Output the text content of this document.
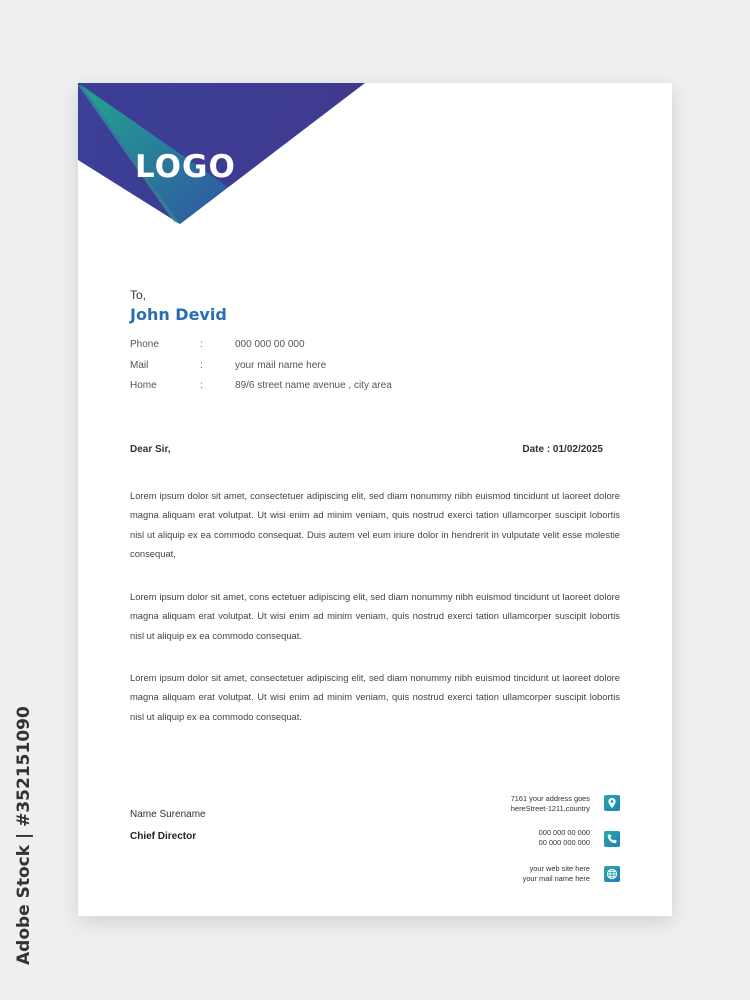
LOGO
To,
John Devid
Phone	:	000 000 00 000
Mail	:	your mail name here
Home	:	89/6 street name avenue , city area
Dear Sir,	Date : 01/02/2025

Lorem ipsum dolor sit amet, consectetuer adipiscing elit, sed diam nonummy nibh euismod tincidunt ut laoreet dolore magna aliquam erat volutpat. Ut wisi enim ad minim veniam, quis nostrud exerci tation ullamcorper suscipit lobortis nisl ut aliquip ex ea commodo consequat. Duis autem vel eum iriure dolor in hendrerit in vulputate velit esse molestie consequat,

Lorem ipsum dolor sit amet, cons ectetuer adipiscing elit, sed diam nonummy nibh euismod tincidunt ut laoreet dolore magna aliquam erat volutpat. Ut wisi enim ad minim veniam, quis nostrud exerci tation ullamcorper suscipit lobortis nisl ut aliquip ex ea commodo consequat.

Lorem ipsum dolor sit amet, consectetuer adipiscing elit, sed diam nonummy nibh euismod tincidunt ut laoreet dolore magna aliquam erat volutpat. Ut wisi enim ad minim veniam, quis nostrud exerci tation ullamcorper suscipit lobortis nisl ut aliquip ex ea commodo consequat.

Name Surename
Chief Director
7161 your address goes
hereStreet-1211,country
000 000 00 000
00 000 000 000
your web site here
your mail name here
Adobe Stock | #352151090
